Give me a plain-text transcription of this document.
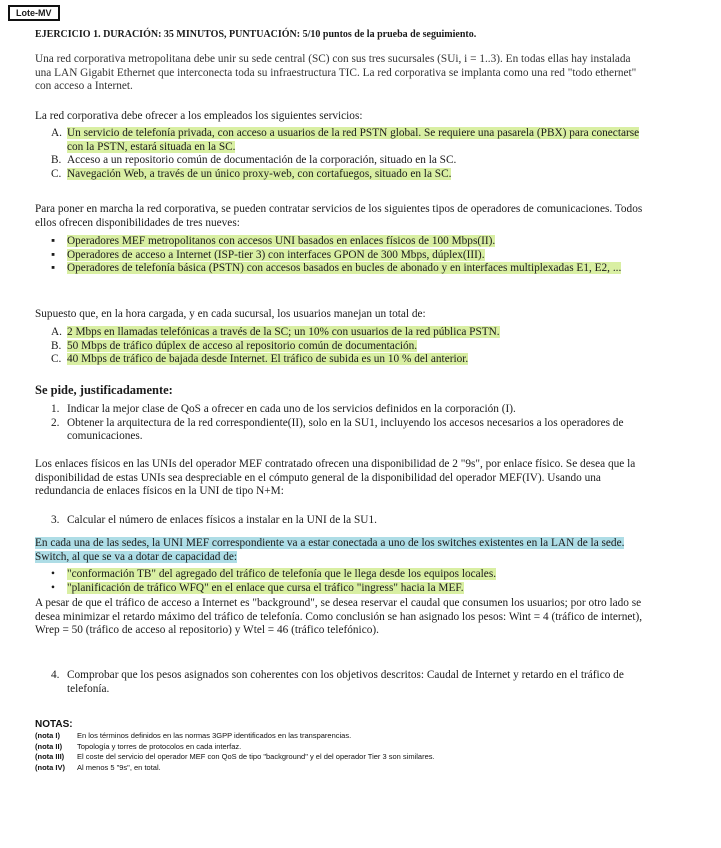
Lote-MV

EJERCICIO 1. DURACIÓN: 35 MINUTOS, PUNTUACIÓN: 5/10 puntos de la prueba de seguimiento.

Una red corporativa metropolitana debe unir su sede central (SC) con sus tres sucursales (SUi, i = 1..3). En todas ellas hay instalada una LAN Gigabit Ethernet que interconecta toda su infraestructura TIC. La red corporativa se implanta como una red "todo ethernet" con acceso a Internet.

La red corporativa debe ofrecer a los empleados los siguientes servicios:

A. Un servicio de telefonía privada, con acceso a usuarios de la red PSTN global. Se requiere una pasarela (PBX) para conectarse con la PSTN, estará situada en la SC.
B. Acceso a un repositorio común de documentación de la corporación, situado en la SC.
C. Navegación Web, a través de un único proxy-web, con cortafuegos, situado en la SC.

Para poner en marcha la red corporativa, se pueden contratar servicios de los siguientes tipos de operadores de comunicaciones. Todos ellos ofrecen disponibilidades de tres nueves:

▪ Operadores MEF metropolitanos con accesos UNI basados en enlaces físicos de 100 Mbps(II).
▪ Operadores de acceso a Internet (ISP-tier 3) con interfaces GPON de 300 Mbps, dúplex(III).
▪ Operadores de telefonía básica (PSTN) con accesos basados en bucles de abonado y en interfaces multiplexadas E1, E2, ...

Supuesto que, en la hora cargada, y en cada sucursal, los usuarios manejan un total de:

A. 2 Mbps en llamadas telefónicas a través de la SC; un 10% con usuarios de la red pública PSTN.
B. 50 Mbps de tráfico dúplex de acceso al repositorio común de documentación.
C. 40 Mbps de tráfico de bajada desde Internet. El tráfico de subida es un 10 % del anterior.

Se pide, justificadamente:

1. Indicar la mejor clase de QoS a ofrecer en cada uno de los servicios definidos en la corporación (I).
2. Obtener la arquitectura de la red correspondiente(II), solo en la SU1, incluyendo los accesos necesarios a los operadores de comunicaciones.

Los enlaces físicos en las UNIs del operador MEF contratado ofrecen una disponibilidad de 2 "9s", por enlace físico. Se desea que la disponibilidad de estas UNIs sea despreciable en el cómputo general de la disponibilidad del operador MEF(IV). Usando una redundancia de enlaces físicos en la UNI de tipo N+M:

3. Calcular el número de enlaces físicos a instalar en la UNI de la SU1.

En cada una de las sedes, la UNI MEF correspondiente va a estar conectada a uno de los switches existentes en la LAN de la sede. Switch, al que se va a dotar de capacidad de:

• "conformación TB" del agregado del tráfico de telefonía que le llega desde los equipos locales.
• "planificación de tráfico WFQ" en el enlace que cursa el tráfico "ingress" hacia la MEF.

A pesar de que el tráfico de acceso a Internet es "background", se desea reservar el caudal que consumen los usuarios; por otro lado se desea minimizar el retardo máximo del tráfico de telefonía. Como conclusión se han asignado los pesos: Wint = 4 (tráfico de internet), Wrep = 50 (tráfico de acceso al repositorio) y Wtel = 46 (tráfico telefónico).

4. Comprobar que los pesos asignados son coherentes con los objetivos descritos: Caudal de Internet y retardo en el tráfico de telefonía.
NOTAS:
(nota I)	En los términos definidos en las normas 3GPP identificados en las transparencias.
(nota II)	Topología y torres de protocolos en cada interfaz.
(nota III)	El coste del servicio del operador MEF con QoS de tipo "background" y el del operador Tier 3 son similares.
(nota IV)	Al menos 5 "9s", en total.
